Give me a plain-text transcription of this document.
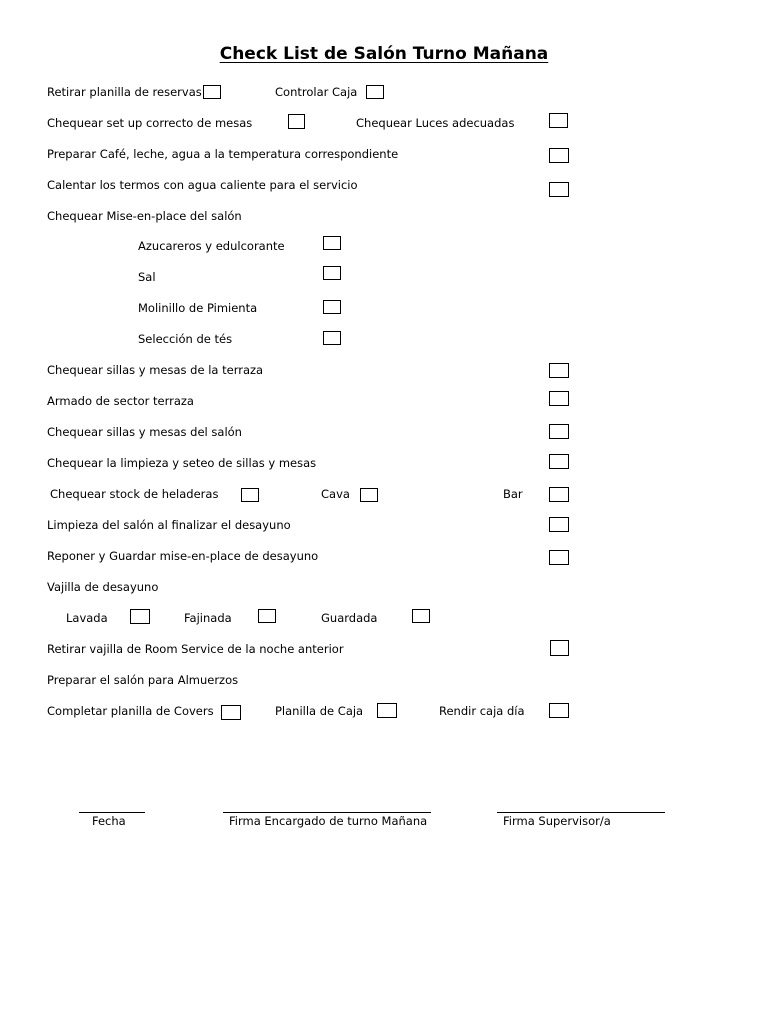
Check List de Salón Turno Mañana
Retirar planilla de reservas	Controlar Caja
Chequear set up correcto de mesas	Chequear Luces adecuadas
Preparar Café, leche, agua a la temperatura correspondiente
Calentar los termos con agua caliente para el servicio
Chequear Mise-en-place del salón
Azucareros y edulcorante
Sal
Molinillo de Pimienta
Selección de tés
Chequear sillas y mesas de la terraza
Armado de sector terraza
Chequear sillas y mesas del salón
Chequear la limpieza y seteo de sillas y mesas
Chequear stock de heladeras	Cava	Bar
Limpieza del salón al finalizar el desayuno
Reponer y Guardar mise-en-place de desayuno
Vajilla de desayuno
Lavada	Fajinada	Guardada
Retirar vajilla de Room Service de la noche anterior
Preparar el salón para Almuerzos
Completar planilla de Covers	Planilla de Caja	Rendir caja día
Fecha	Firma Encargado de turno Mañana	Firma Supervisor/a
